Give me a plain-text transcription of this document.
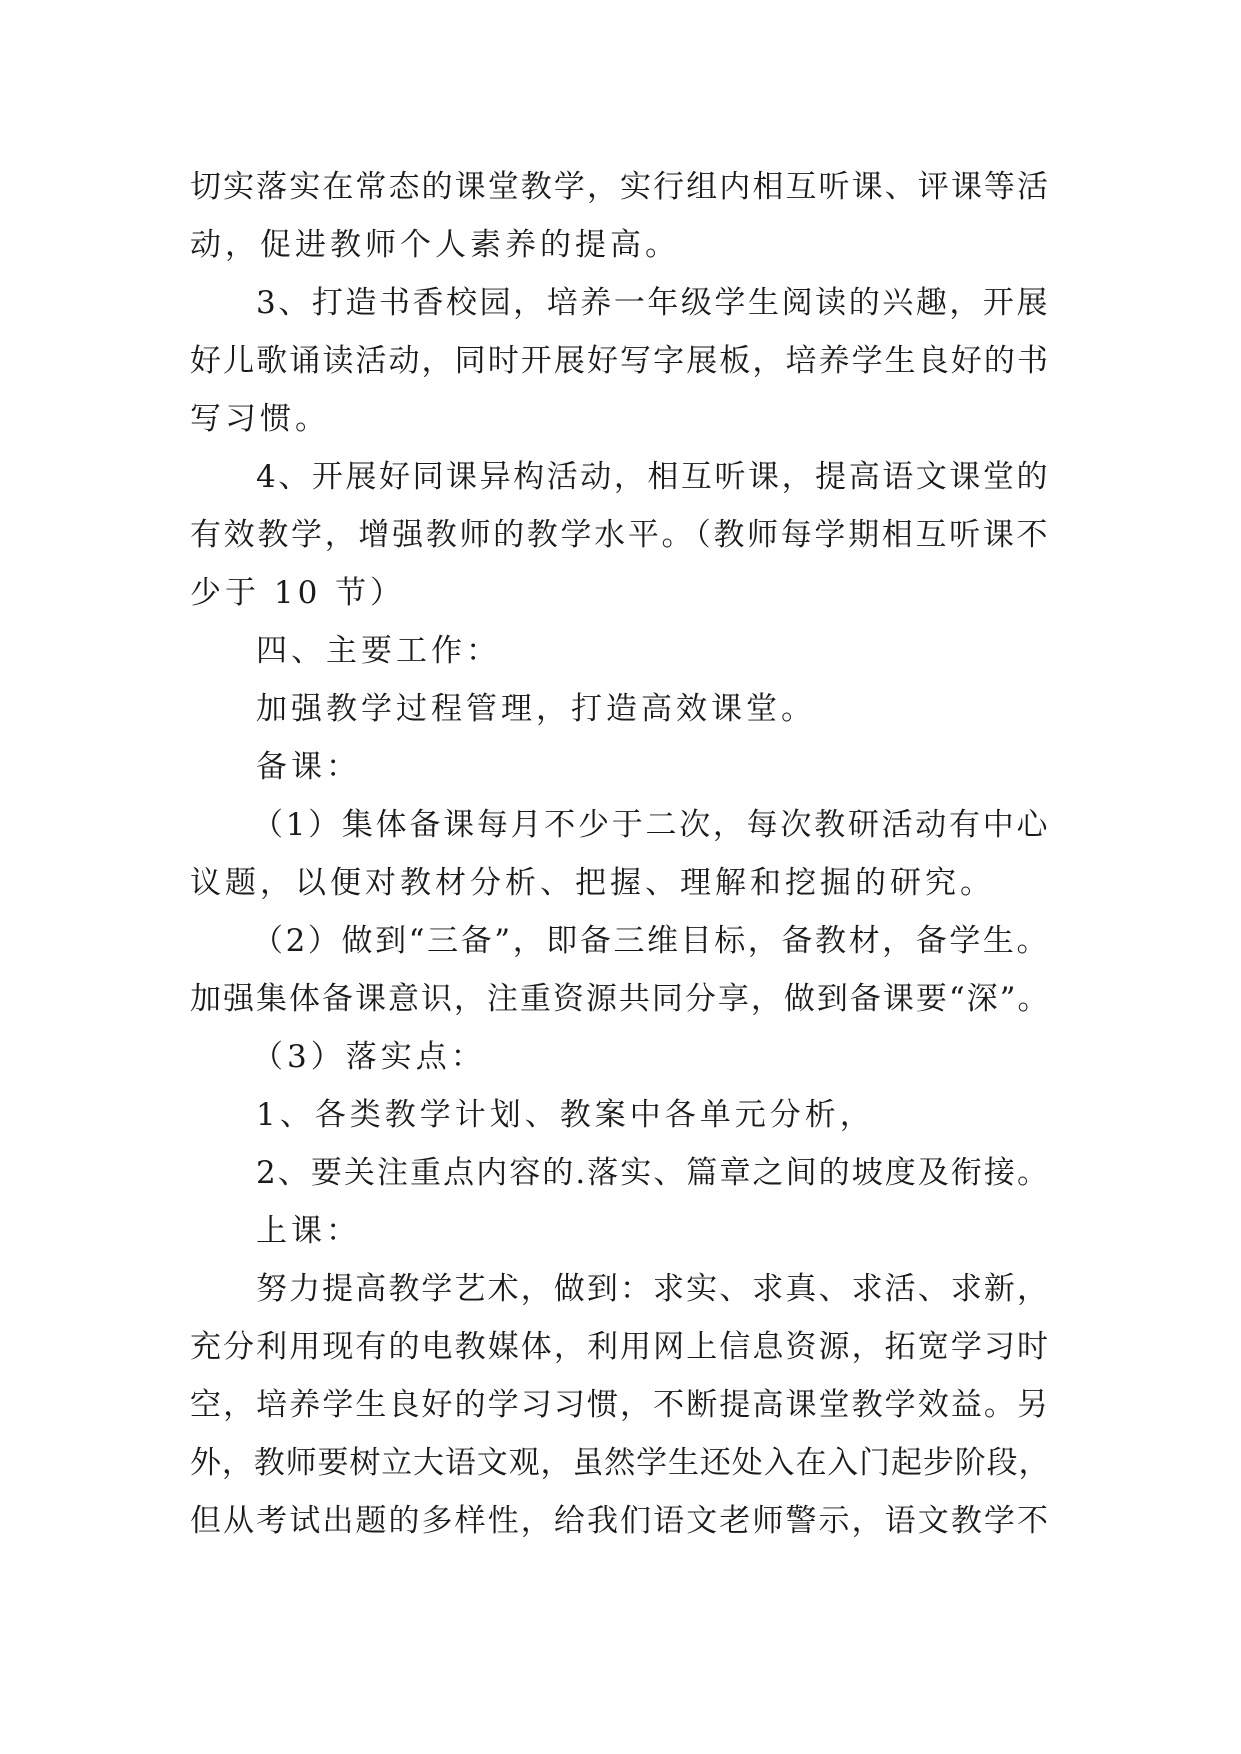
切实落实在常态的课堂教学，实行组内相互听课、评课等活
动，促进教师个人素养的提高。
3、打造书香校园，培养一年级学生阅读的兴趣，开展
好儿歌诵读活动，同时开展好写字展板，培养学生良好的书
写习惯。
4、开展好同课异构活动，相互听课，提高语文课堂的
有效教学，增强教师的教学水平。（教师每学期相互听课不
少于 10 节）
四、主要工作：
加强教学过程管理，打造高效课堂。
备课：
（1）集体备课每月不少于二次，每次教研活动有中心
议题，以便对教材分析、把握、理解和挖掘的研究。
（2）做到“三备”，即备三维目标，备教材，备学生。
加强集体备课意识，注重资源共同分享，做到备课要“深”。
（3）落实点：
1、各类教学计划、教案中各单元分析，
2、要关注重点内容的.落实、篇章之间的坡度及衔接。
上课：
努力提高教学艺术，做到：求实、求真、求活、求新，
充分利用现有的电教媒体，利用网上信息资源，拓宽学习时
空，培养学生良好的学习习惯，不断提高课堂教学效益。另
外，教师要树立大语文观，虽然学生还处入在入门起步阶段，
但从考试出题的多样性，给我们语文老师警示，语文教学不
